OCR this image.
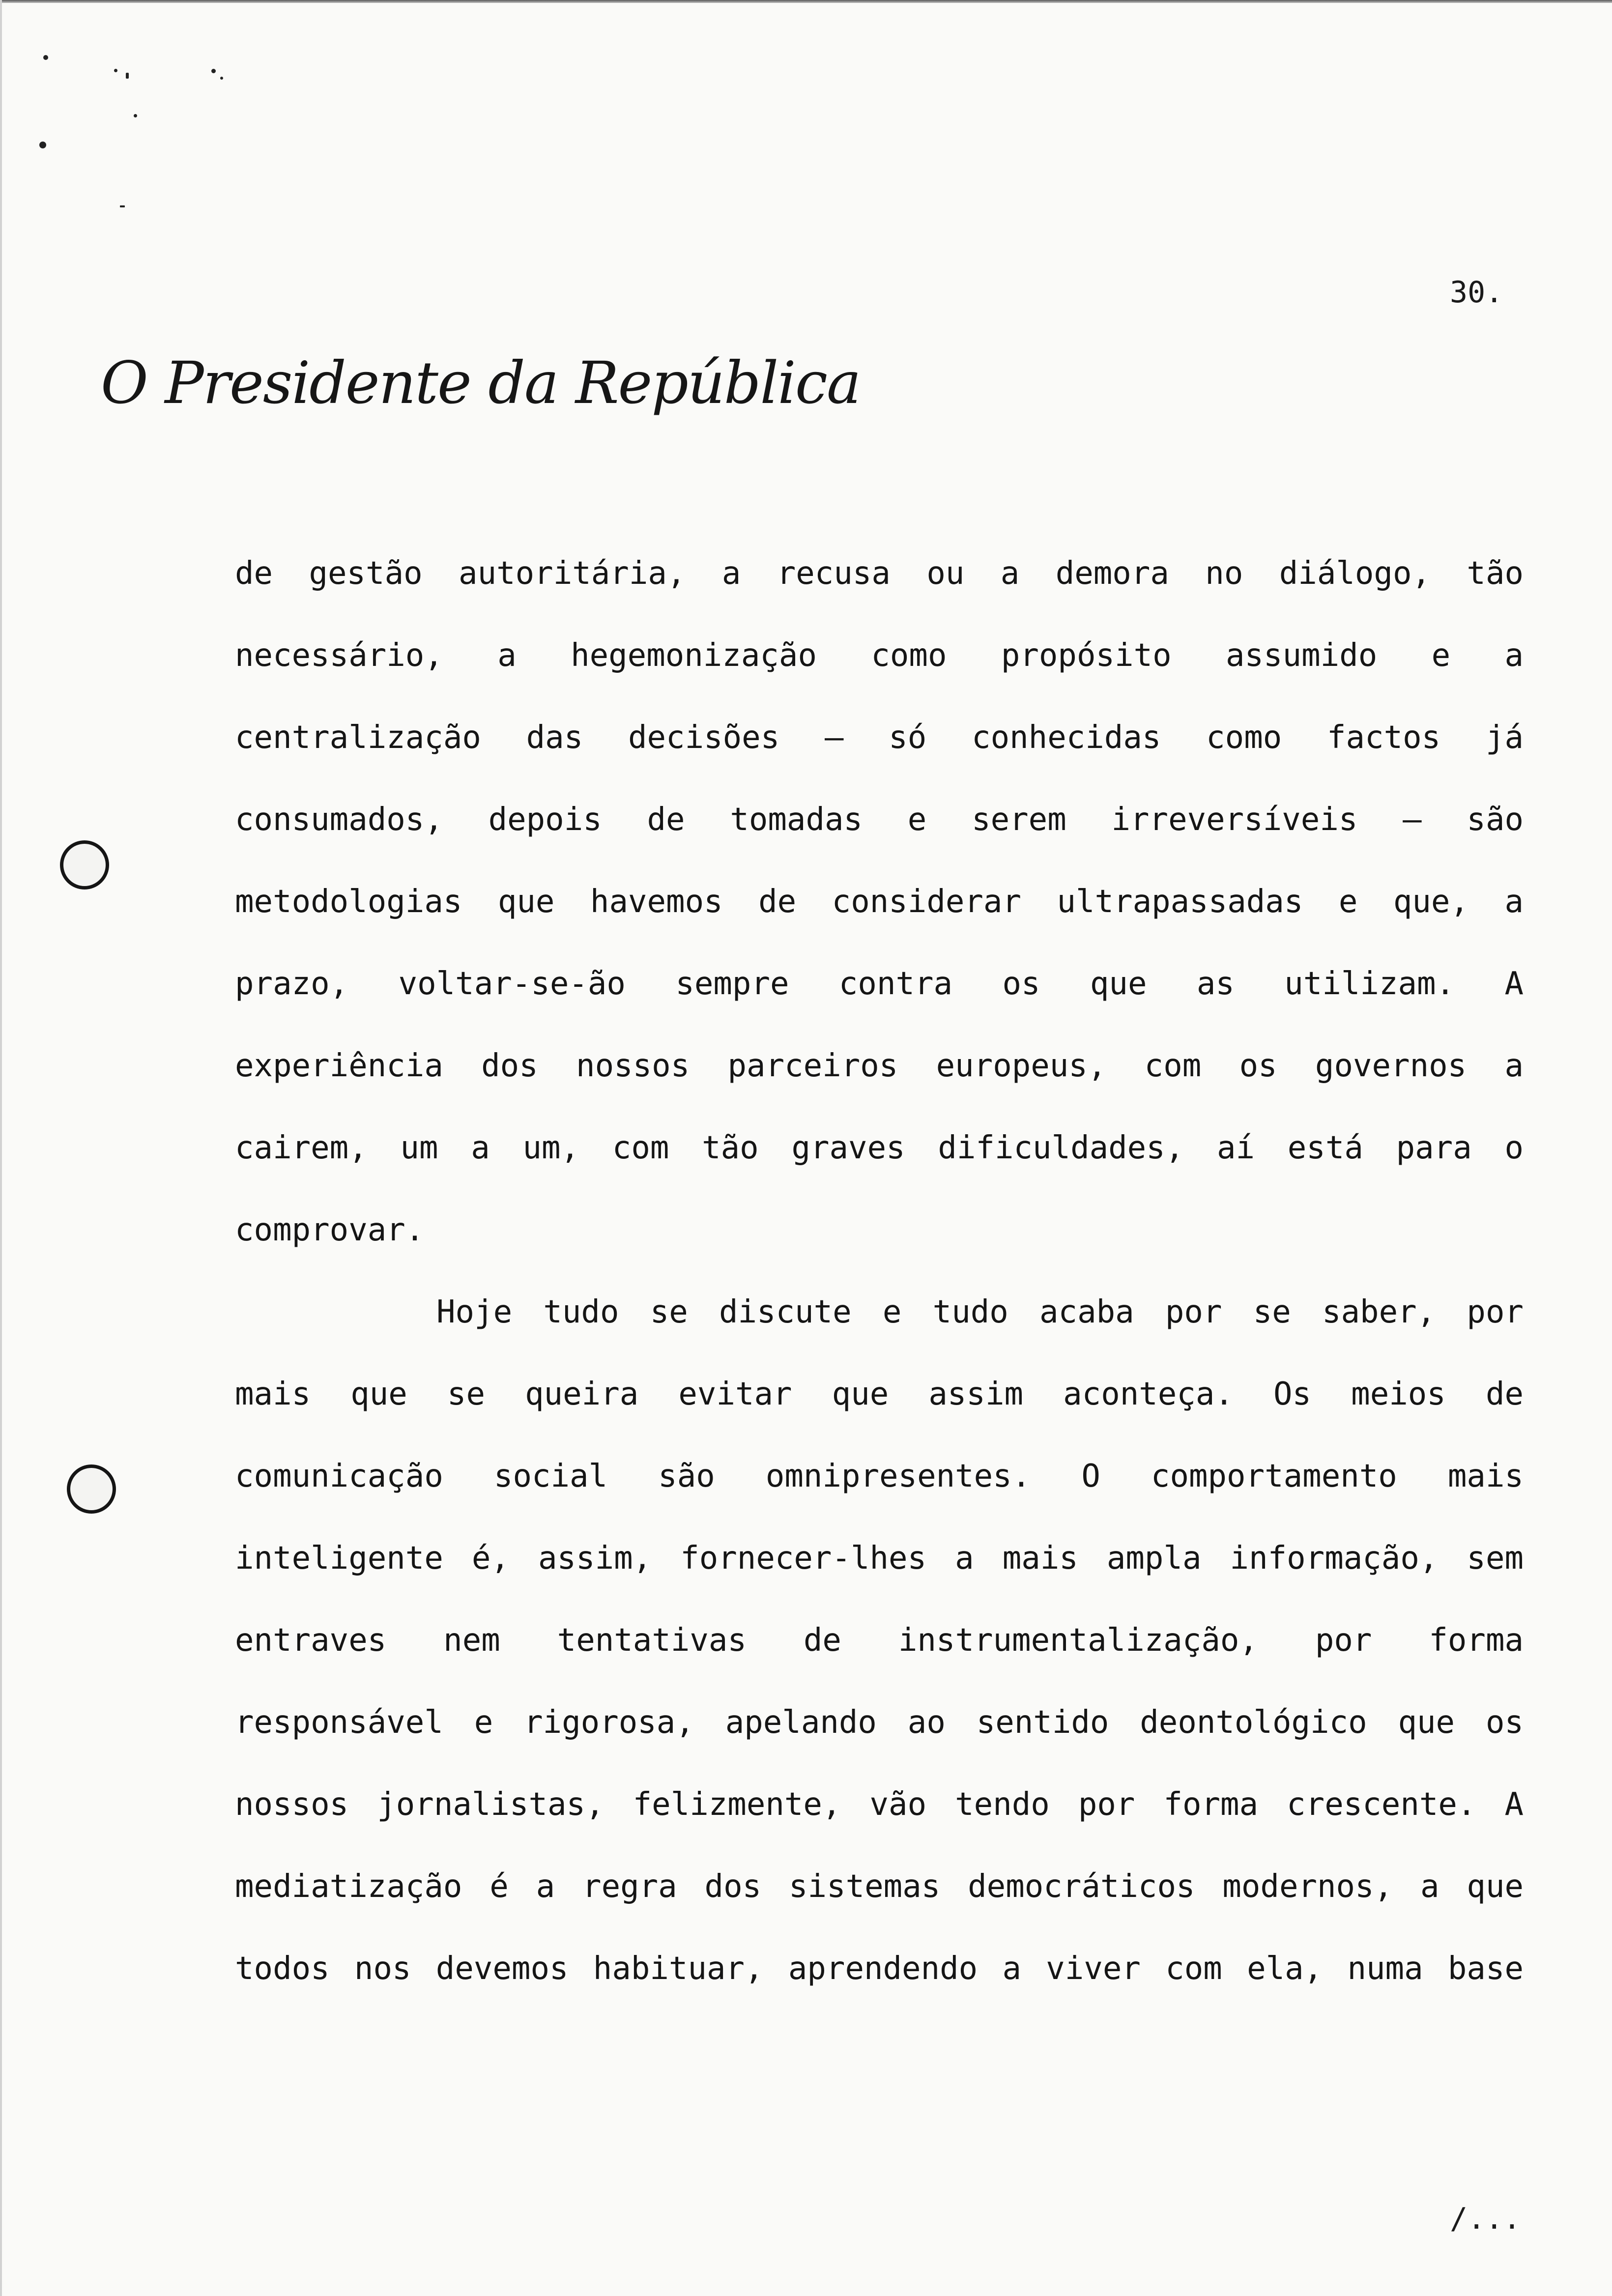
30.
O Presidente da República
de gestão autoritária, a recusa ou a demora no diálogo, tão
necessário, a hegemonização como propósito assumido e a
centralização das decisões – só conhecidas como factos já
consumados, depois de tomadas e serem irreversíveis – são
metodologias que havemos de considerar ultrapassadas e que, a
prazo, voltar-se-ão sempre contra os que as utilizam. A
experiência dos nossos parceiros europeus, com os governos a
cairem, um a um, com tão graves dificuldades, aí está para o
comprovar.
Hoje tudo se discute e tudo acaba por se saber, por
mais que se queira evitar que assim aconteça. Os meios de
comunicação social são omnipresentes. O comportamento mais
inteligente é, assim, fornecer-lhes a mais ampla informação, sem
entraves nem tentativas de instrumentalização, por forma
responsável e rigorosa, apelando ao sentido deontológico que os
nossos jornalistas, felizmente, vão tendo por forma crescente. A
mediatização é a regra dos sistemas democráticos modernos, a que
todos nos devemos habituar, aprendendo a viver com ela, numa base
/...
